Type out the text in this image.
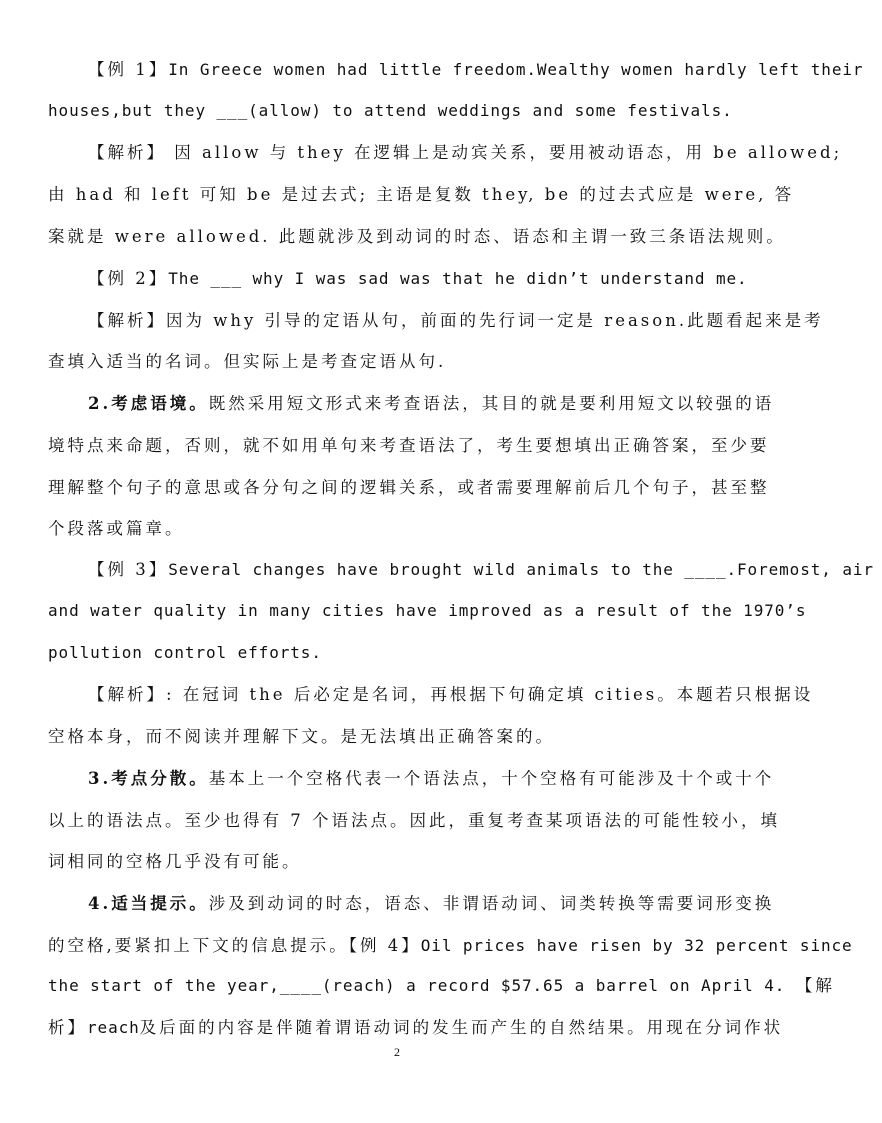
【例 1】In Greece women had little freedom.Wealthy women hardly left their
houses,but they ___(allow) to attend weddings and some festivals.
【解析】 因 allow 与 they 在逻辑上是动宾关系，要用被动语态，用 be allowed;
由 had 和 left 可知 be 是过去式; 主语是复数 they, be 的过去式应是 were, 答
案就是 were allowed. 此题就涉及到动词的时态、语态和主谓一致三条语法规则。
【例 2】The ___ why I was sad was that he didn’t understand me.
【解析】因为 why 引导的定语从句，前面的先行词一定是 reason.此题看起来是考
查填入适当的名词。但实际上是考查定语从句.
2.考虑语境。既然采用短文形式来考查语法，其目的就是要利用短文以较强的语
境特点来命题，否则，就不如用单句来考查语法了，考生要想填出正确答案，至少要
理解整个句子的意思或各分句之间的逻辑关系，或者需要理解前后几个句子，甚至整
个段落或篇章。
【例 3】Several changes have brought wild animals to the ____.Foremost, air
and water quality in many cities have improved as a result of the 1970’s
pollution control efforts.
【解析】: 在冠词 the 后必定是名词，再根据下句确定填 cities。本题若只根据设
空格本身，而不阅读并理解下文。是无法填出正确答案的。
3.考点分散。基本上一个空格代表一个语法点，十个空格有可能涉及十个或十个
以上的语法点。至少也得有 7 个语法点。因此，重复考查某项语法的可能性较小，填
词相同的空格几乎没有可能。
4.适当提示。涉及到动词的时态，语态、非谓语动词、词类转换等需要词形变换
的空格,要紧扣上下文的信息提示。【例 4】Oil prices have risen by 32 percent since
the start of the year,____(reach) a record $57.65 a barrel on April 4. 【解
析】reach及后面的内容是伴随着谓语动词的发生而产生的自然结果。用现在分词作状
2
